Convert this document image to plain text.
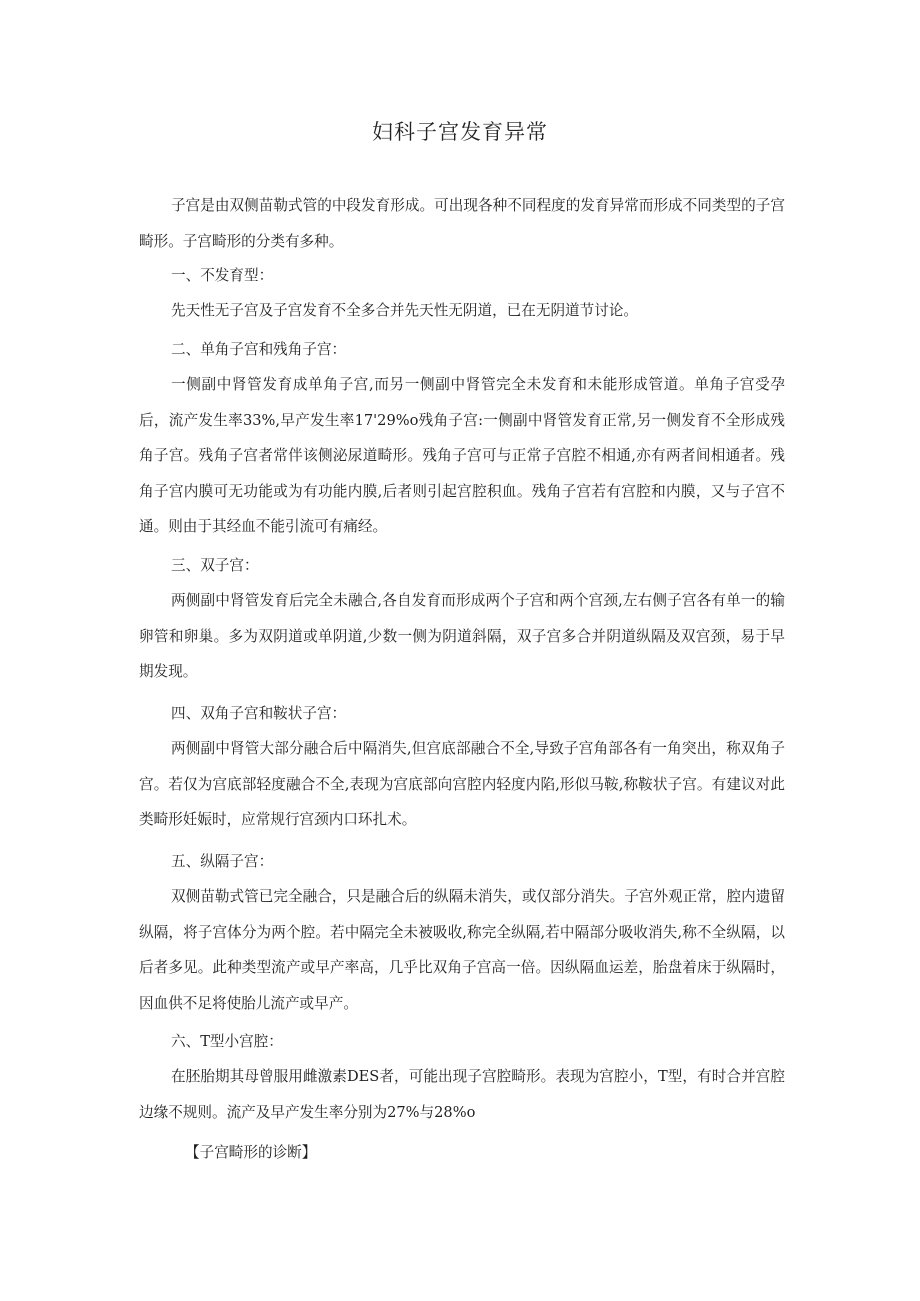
妇科子宫发育异常

子宫是由双侧苗勒式管的中段发育形成。可出现各种不同程度的发育异常而形成不同类型的子宫畸形。子宫畸形的分类有多种。

一、不发育型：

先天性无子宫及子宫发育不全多合并先天性无阴道，已在无阴道节讨论。

二、单角子宫和残角子宫：

一侧副中肾管发育成单角子宫,而另一侧副中肾管完全未发育和未能形成管道。单角子宫受孕后，流产发生率33%,早产发生率17'29%o残角子宫:一侧副中肾管发育正常,另一侧发育不全形成残角子宫。残角子宫者常伴该侧泌尿道畸形。残角子宫可与正常子宫腔不相通,亦有两者间相通者。残角子宫内膜可无功能或为有功能内膜,后者则引起宫腔积血。残角子宫若有宫腔和内膜，又与子宫不通。则由于其经血不能引流可有痛经。

三、双子宫：

两侧副中肾管发育后完全未融合,各自发育而形成两个子宫和两个宫颈,左右侧子宫各有单一的输卵管和卵巢。多为双阴道或单阴道,少数一侧为阴道斜隔，双子宫多合并阴道纵隔及双宫颈，易于早期发现。

四、双角子宫和鞍状子宫：

两侧副中肾管大部分融合后中隔消失,但宫底部融合不全,导致子宫角部各有一角突出，称双角子宫。若仅为宫底部轻度融合不全,表现为宫底部向宫腔内轻度内陷,形似马鞍,称鞍状子宫。有建议对此类畸形妊娠时，应常规行宫颈内口环扎术。

五、纵隔子宫：

双侧苗勒式管已完全融合，只是融合后的纵隔未消失，或仅部分消失。子宫外观正常，腔内遗留纵隔，将子宫体分为两个腔。若中隔完全未被吸收,称完全纵隔,若中隔部分吸收消失,称不全纵隔，以后者多见。此种类型流产或早产率高，几乎比双角子宫高一倍。因纵隔血运差，胎盘着床于纵隔时，因血供不足将使胎儿流产或早产。

六、T型小宫腔：

在胚胎期其母曾服用雌激素DES者，可能出现子宫腔畸形。表现为宫腔小，T型，有时合并宫腔边缘不规则。流产及早产发生率分别为27%与28%o

【子宫畸形的诊断】
